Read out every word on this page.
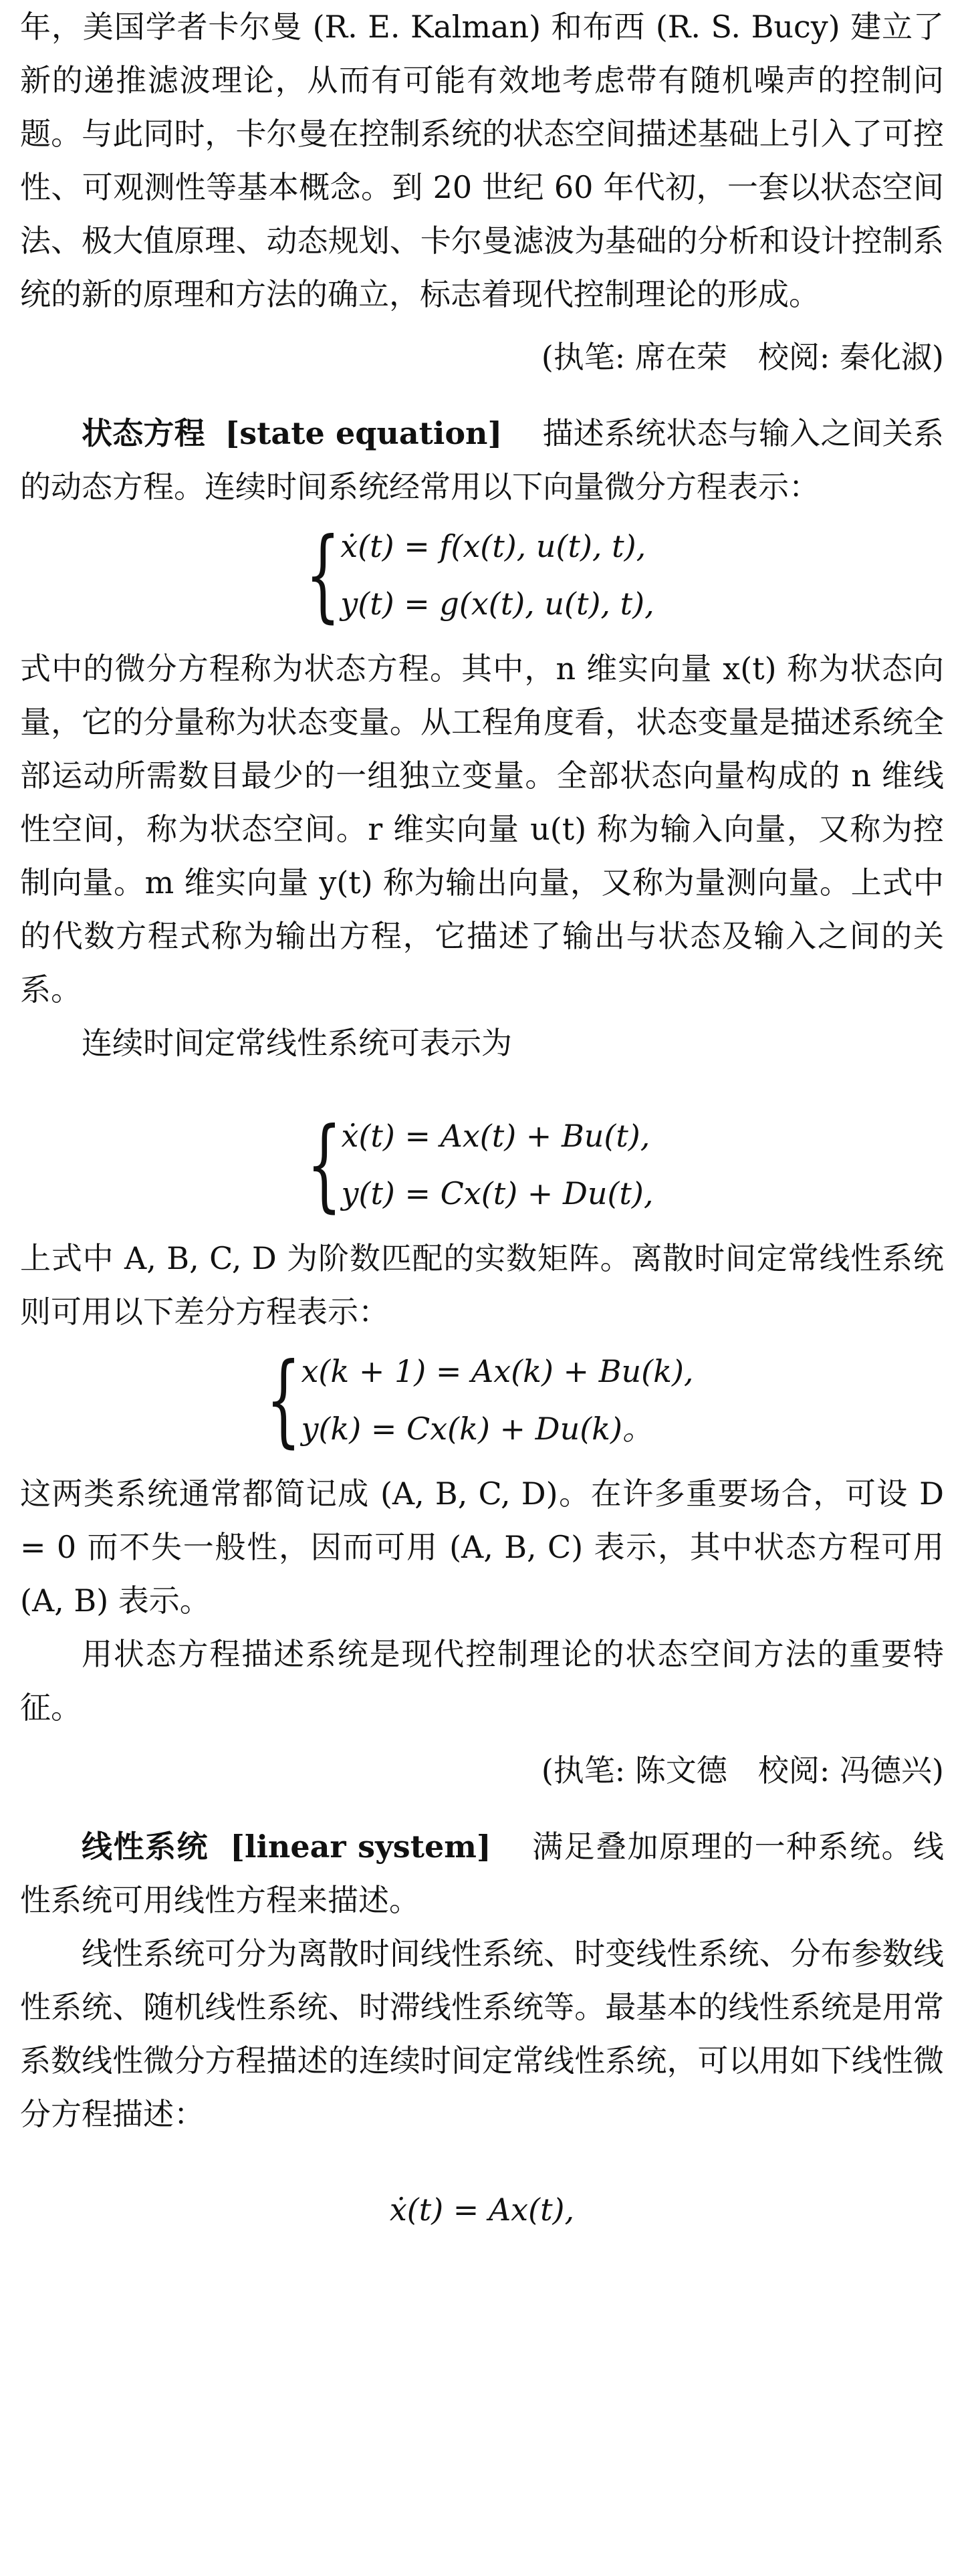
年，美国学者卡尔曼 (R. E. Kalman) 和布西 (R. S. Bucy) 建立了新的递推滤波理论，从而有可能有效地考虑带有随机噪声的控制问题。与此同时，卡尔曼在控制系统的状态空间描述基础上引入了可控性、可观测性等基本概念。到 20 世纪 60 年代初，一套以状态空间法、极大值原理、动态规划、卡尔曼滤波为基础的分析和设计控制系统的新的原理和方法的确立，标志着现代控制理论的形成。

(执笔: 席在荣　校阅: 秦化淑)

状态方程 [state equation] 描述系统状态与输入之间关系的动态方程。连续时间系统经常用以下向量微分方程表示：

{ ẋ(t) = f(x(t), u(t), t),
y(t) = g(x(t), u(t), t),

式中的微分方程称为状态方程。其中，n 维实向量 x(t) 称为状态向量，它的分量称为状态变量。从工程角度看，状态变量是描述系统全部运动所需数目最少的一组独立变量。全部状态向量构成的 n 维线性空间，称为状态空间。r 维实向量 u(t) 称为输入向量，又称为控制向量。m 维实向量 y(t) 称为输出向量，又称为量测向量。上式中的代数方程式称为输出方程，它描述了输出与状态及输入之间的关系。

连续时间定常线性系统可表示为

{ ẋ(t) = Ax(t) + Bu(t),
y(t) = Cx(t) + Du(t),

上式中 A, B, C, D 为阶数匹配的实数矩阵。离散时间定常线性系统则可用以下差分方程表示：

{ x(k + 1) = Ax(k) + Bu(k),
y(k) = Cx(k) + Du(k)。

这两类系统通常都简记成 (A, B, C, D)。在许多重要场合，可设 D = 0 而不失一般性，因而可用 (A, B, C) 表示，其中状态方程可用 (A, B) 表示。

用状态方程描述系统是现代控制理论的状态空间方法的重要特征。

(执笔: 陈文德　校阅: 冯德兴)

线性系统 [linear system] 满足叠加原理的一种系统。线性系统可用线性方程来描述。

线性系统可分为离散时间线性系统、时变线性系统、分布参数线性系统、随机线性系统、时滞线性系统等。最基本的线性系统是用常系数线性微分方程描述的连续时间定常线性系统，可以用如下线性微分方程描述：

ẋ(t) = Ax(t),
